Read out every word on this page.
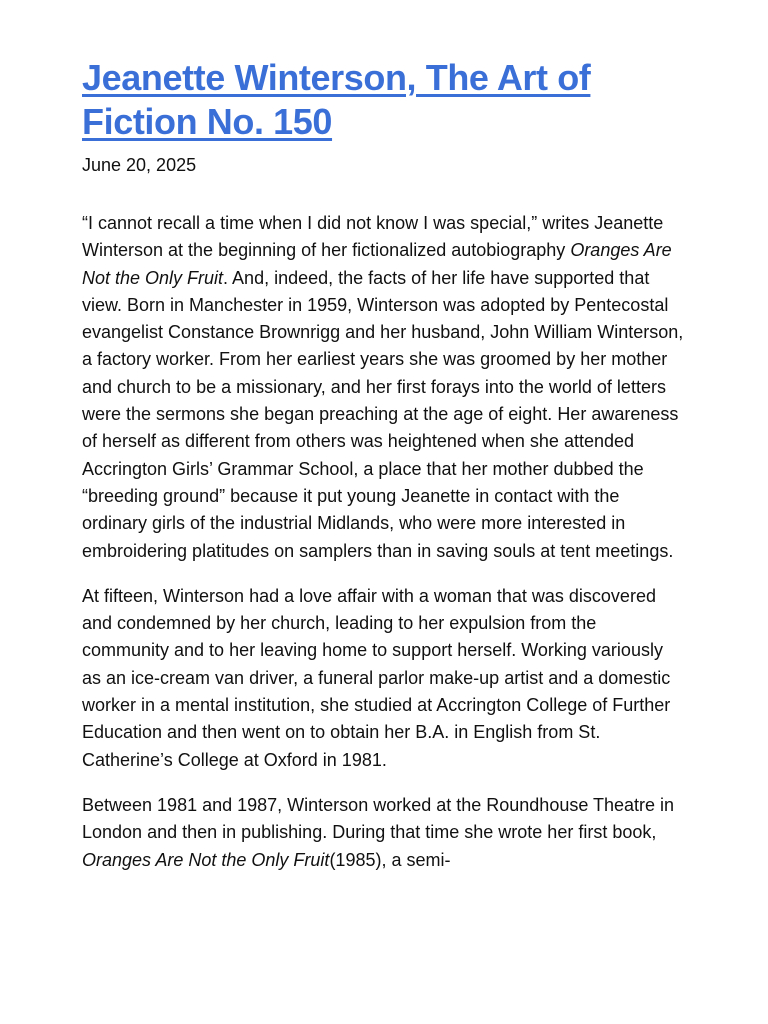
Jeanette Winterson, The Art of Fiction No. 150

June 20, 2025

“I cannot recall a time when I did not know I was special,” writes Jeanette Winterson at the beginning of her fictionalized autobiography Oranges Are Not the Only Fruit. And, indeed, the facts of her life have supported that view. Born in Manchester in 1959, Winterson was adopted by Pentecostal evangelist Constance Brownrigg and her husband, John William Winterson, a factory worker. From her earliest years she was groomed by her mother and church to be a missionary, and her first forays into the world of letters were the sermons she began preaching at the age of eight. Her awareness of herself as different from others was heightened when she attended Accrington Girls’ Grammar School, a place that her mother dubbed the “breeding ground” because it put young Jeanette in contact with the ordinary girls of the industrial Midlands, who were more interested in embroidering platitudes on samplers than in saving souls at tent meetings.

At fifteen, Winterson had a love affair with a woman that was discovered and condemned by her church, leading to her expulsion from the community and to her leaving home to support herself. Working variously as an ice-cream van driver, a funeral parlor make-up artist and a domestic worker in a mental institution, she studied at Accrington College of Further Education and then went on to obtain her B.A. in English from St. Catherine’s College at Oxford in 1981.

Between 1981 and 1987, Winterson worked at the Roundhouse Theatre in London and then in publishing. During that time she wrote her first book, Oranges Are Not the Only Fruit(1985), a semi-
